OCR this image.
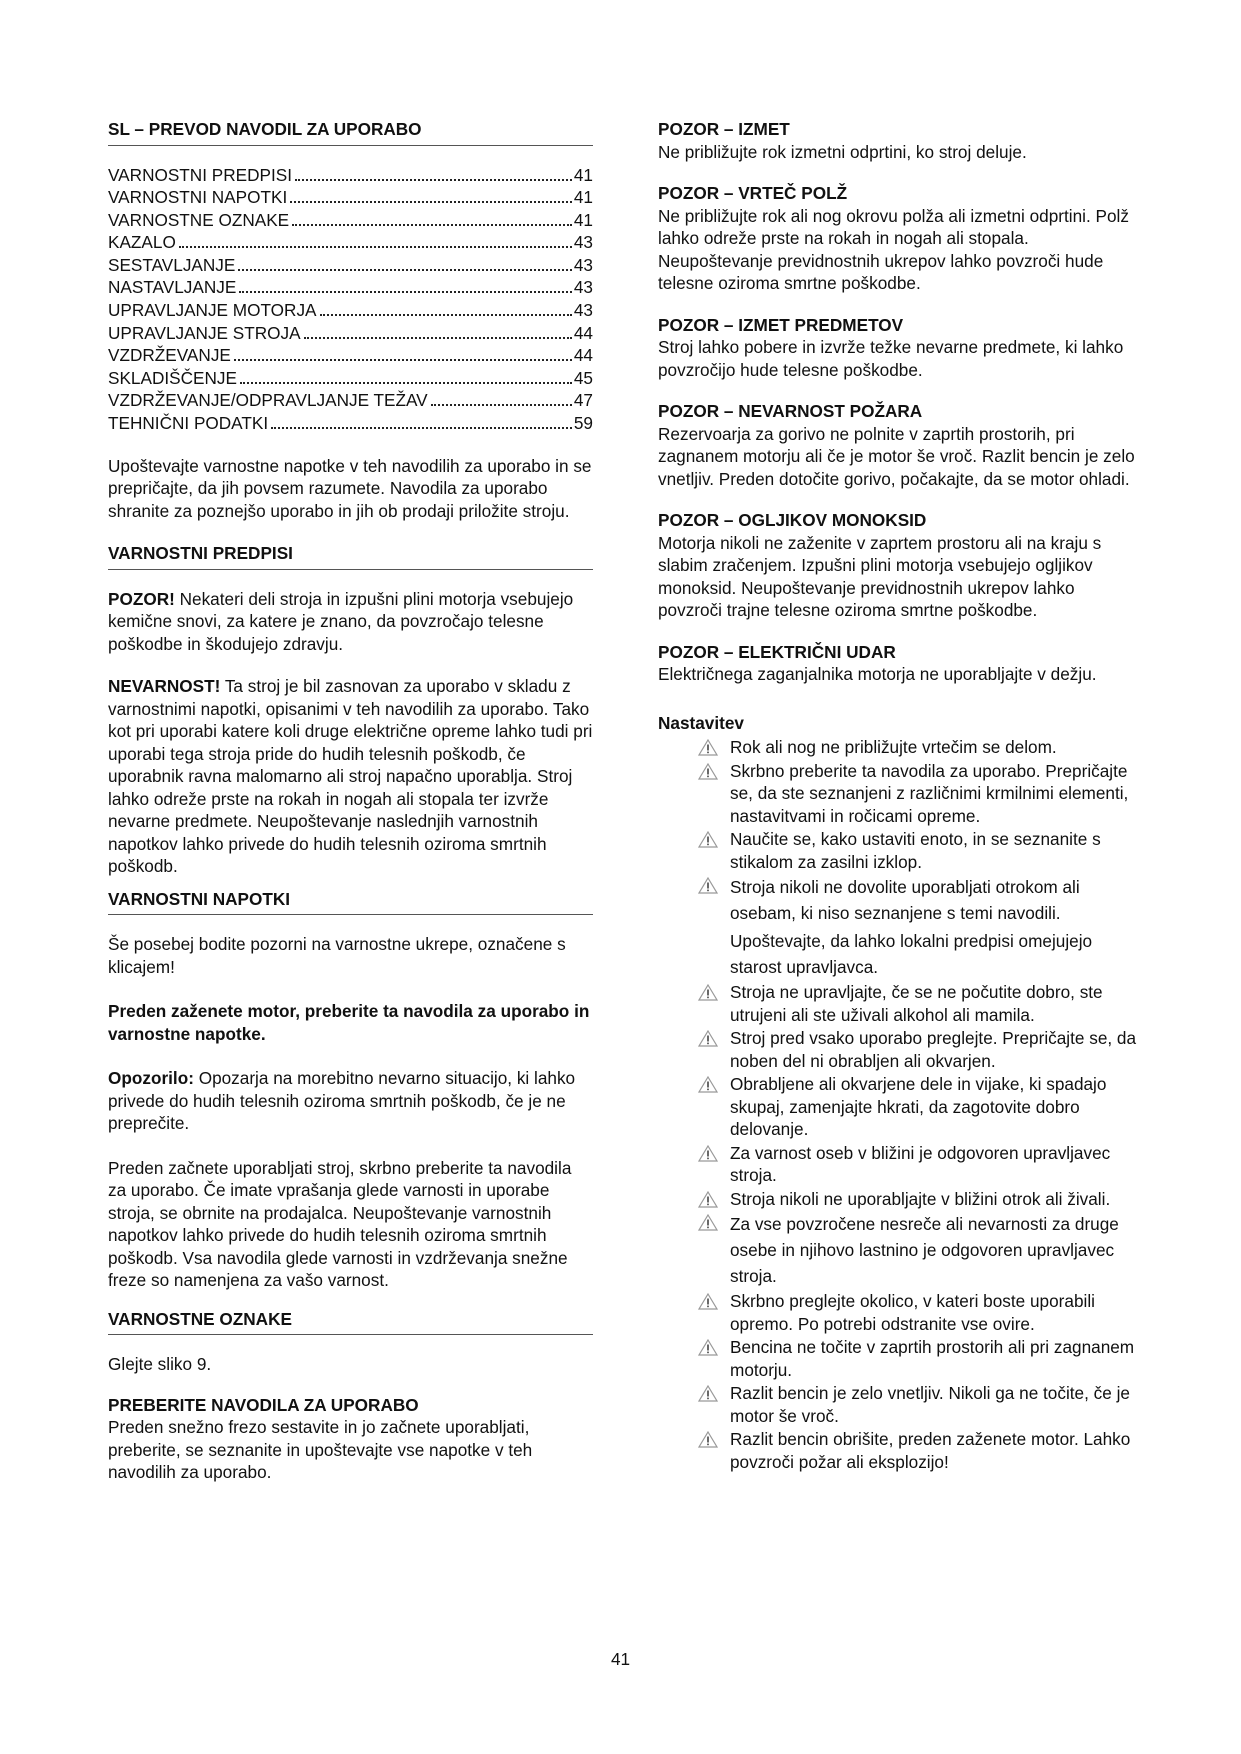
SL – PREVOD NAVODIL ZA UPORABO
VARNOSTNI PREDPISI	41
VARNOSTNI NAPOTKI	41
VARNOSTNE OZNAKE	41
KAZALO	43
SESTAVLJANJE	43
NASTAVLJANJE	43
UPRAVLJANJE MOTORJA	43
UPRAVLJANJE STROJA	44
VZDRŽEVANJE	44
SKLADIŠČENJE	45
VZDRŽEVANJE/ODPRAVLJANJE TEŽAV	47
TEHNIČNI PODATKI	59

Upoštevajte varnostne napotke v teh navodilih za uporabo in se prepričajte, da jih povsem razumete. Navodila za uporabo shranite za poznejšo uporabo in jih ob prodaji priložite stroju.

VARNOSTNI PREDPISI

POZOR! Nekateri deli stroja in izpušni plini motorja vsebujejo kemične snovi, za katere je znano, da povzročajo telesne poškodbe in škodujejo zdravju.

NEVARNOST! Ta stroj je bil zasnovan za uporabo v skladu z varnostnimi napotki, opisanimi v teh navodilih za uporabo. Tako kot pri uporabi katere koli druge električne opreme lahko tudi pri uporabi tega stroja pride do hudih telesnih poškodb, če uporabnik ravna malomarno ali stroj napačno uporablja. Stroj lahko odreže prste na rokah in nogah ali stopala ter izvrže nevarne predmete. Neupoštevanje naslednjih varnostnih napotkov lahko privede do hudih telesnih oziroma smrtnih poškodb.

VARNOSTNI NAPOTKI

Še posebej bodite pozorni na varnostne ukrepe, označene s klicajem!

Preden zaženete motor, preberite ta navodila za uporabo in varnostne napotke.

Opozorilo: Opozarja na morebitno nevarno situacijo, ki lahko privede do hudih telesnih oziroma smrtnih poškodb, če je ne preprečite.

Preden začnete uporabljati stroj, skrbno preberite ta navodila za uporabo. Če imate vprašanja glede varnosti in uporabe stroja, se obrnite na prodajalca. Neupoštevanje varnostnih napotkov lahko privede do hudih telesnih oziroma smrtnih poškodb. Vsa navodila glede varnosti in vzdrževanja snežne freze so namenjena za vašo varnost.

VARNOSTNE OZNAKE

Glejte sliko 9.

PREBERITE NAVODILA ZA UPORABO

Preden snežno frezo sestavite in jo začnete uporabljati, preberite, se seznanite in upoštevajte vse napotke v teh navodilih za uporabo.

POZOR – IZMET

Ne približujte rok izmetni odprtini, ko stroj deluje.

POZOR – VRTEČ POLŽ

Ne približujte rok ali nog okrovu polža ali izmetni odprtini. Polž lahko odreže prste na rokah in nogah ali stopala. Neupoštevanje previdnostnih ukrepov lahko povzroči hude telesne oziroma smrtne poškodbe.

POZOR – IZMET PREDMETOV

Stroj lahko pobere in izvrže težke nevarne predmete, ki lahko povzročijo hude telesne poškodbe.

POZOR – NEVARNOST POŽARA

Rezervoarja za gorivo ne polnite v zaprtih prostorih, pri zagnanem motorju ali če je motor še vroč. Razlit bencin je zelo vnetljiv. Preden dotočite gorivo, počakajte, da se motor ohladi.

POZOR – OGLJIKOV MONOKSID

Motorja nikoli ne zaženite v zaprtem prostoru ali na kraju s slabim zračenjem. Izpušni plini motorja vsebujejo ogljikov monoksid. Neupoštevanje previdnostnih ukrepov lahko povzroči trajne telesne oziroma smrtne poškodbe.

POZOR – ELEKTRIČNI UDAR

Električnega zaganjalnika motorja ne uporabljajte v dežju.

Nastavitev
Rok ali nog ne približujte vrtečim se delom.
Skrbno preberite ta navodila za uporabo. Prepričajte se, da ste seznanjeni z različnimi krmilnimi elementi, nastavitvami in ročicami opreme.
Naučite se, kako ustaviti enoto, in se seznanite s stikalom za zasilni izklop.
Stroja nikoli ne dovolite uporabljati otrokom ali osebam, ki niso seznanjene s temi navodili.
Upoštevajte, da lahko lokalni predpisi omejujejo starost upravljavca.
Stroja ne upravljajte, če se ne počutite dobro, ste utrujeni ali ste uživali alkohol ali mamila.
Stroj pred vsako uporabo preglejte. Prepričajte se, da noben del ni obrabljen ali okvarjen.
Obrabljene ali okvarjene dele in vijake, ki spadajo skupaj, zamenjajte hkrati, da zagotovite dobro delovanje.
Za varnost oseb v bližini je odgovoren upravljavec stroja.
Stroja nikoli ne uporabljajte v bližini otrok ali živali.
Za vse povzročene nesreče ali nevarnosti za druge osebe in njihovo lastnino je odgovoren upravljavec stroja.
Skrbno preglejte okolico, v kateri boste uporabili opremo. Po potrebi odstranite vse ovire.
Bencina ne točite v zaprtih prostorih ali pri zagnanem motorju.
Razlit bencin je zelo vnetljiv. Nikoli ga ne točite, če je motor še vroč.
Razlit bencin obrišite, preden zaženete motor. Lahko povzroči požar ali eksplozijo!
41
